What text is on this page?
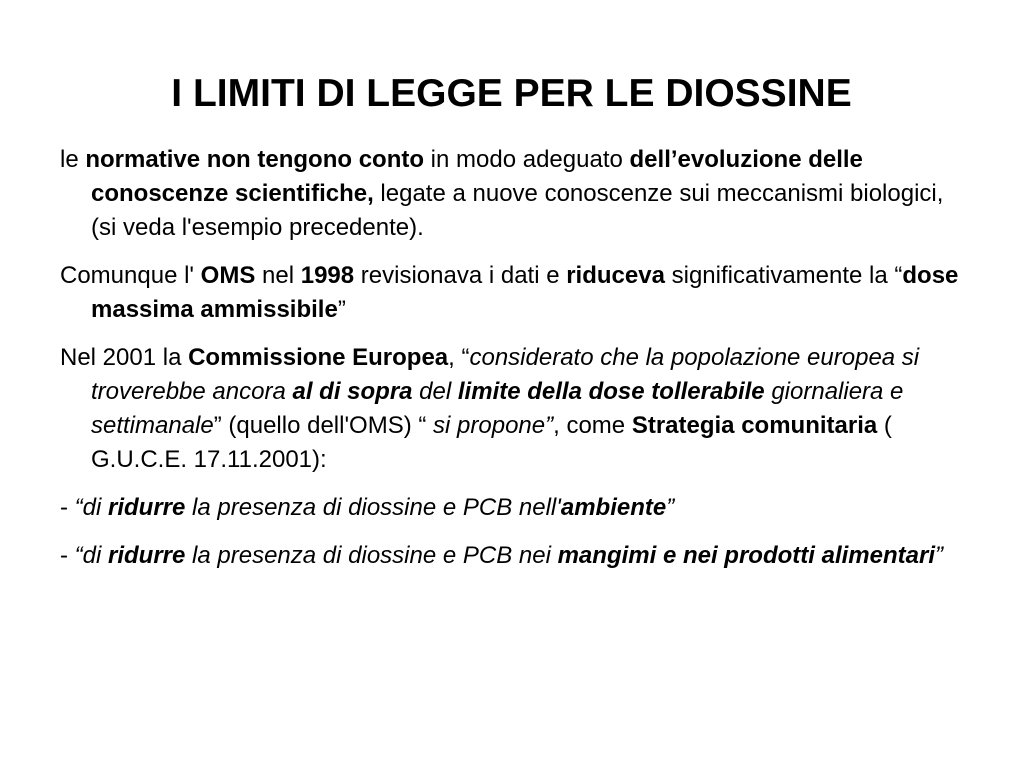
I LIMITI DI LEGGE PER LE DIOSSINE

le normative non tengono conto in modo adeguato dell’evoluzione delle conoscenze scientifiche, legate a nuove conoscenze sui meccanismi biologici, (si veda l'esempio precedente).

Comunque l' OMS nel 1998 revisionava i dati e riduceva significativamente la “dose massima ammissibile”

Nel 2001 la Commissione Europea, “considerato che la popolazione europea si troverebbe ancora al di sopra del limite della dose tollerabile giornaliera e settimanale” (quello dell'OMS) “ si propone”, come Strategia comunitaria ( G.U.C.E. 17.11.2001):

- “di ridurre la presenza di diossine e PCB nell'ambiente”

- “di ridurre la presenza di diossine e PCB nei mangimi e nei prodotti alimentari”
